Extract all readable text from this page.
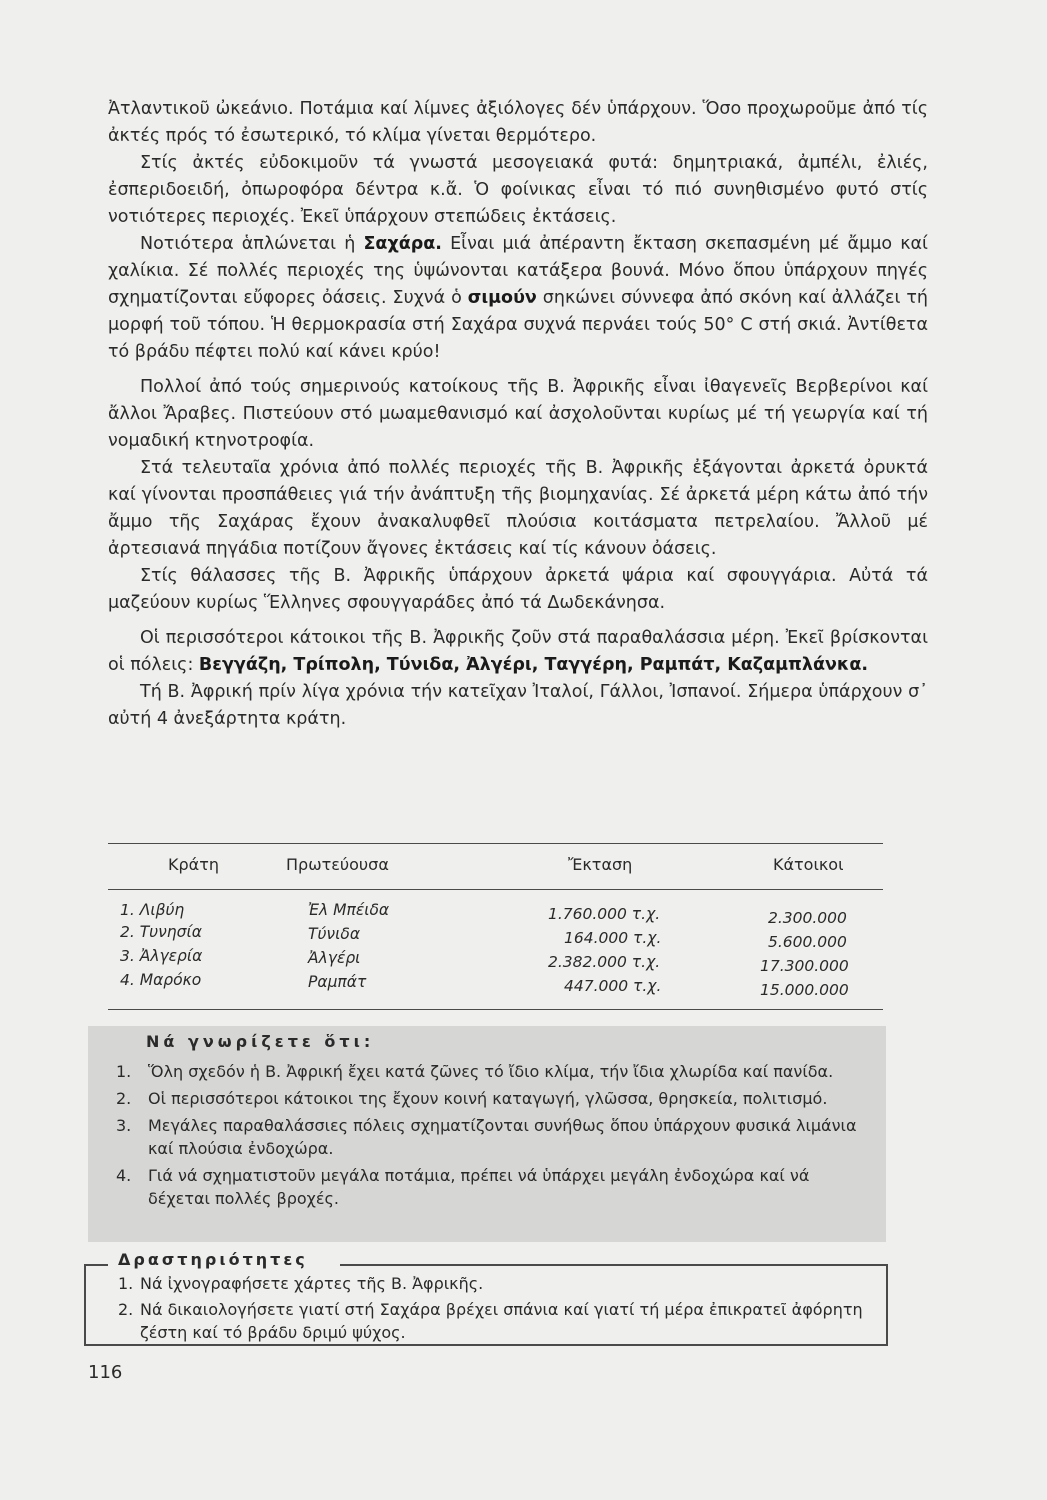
Ἀτλαντικοῦ ὠκεάνιο. Ποτάμια καί λίμνες ἀξιόλογες δέν ὑπάρχουν. Ὅσο προχωροῦμε ἀπό τίς ἀκτές πρός τό ἐσωτερικό, τό κλίμα γίνεται θερμότερο.

Στίς ἀκτές εὐδοκιμοῦν τά γνωστά μεσογειακά φυτά: δημητριακά, ἀμπέλι, ἐλιές, ἐσπεριδοειδή, ὀπωροφόρα δέντρα κ.ἄ. Ὁ φοίνικας εἶναι τό πιό συνηθισμένο φυτό στίς νοτιότερες περιοχές. Ἐκεῖ ὑπάρχουν στεπώδεις ἐκτάσεις.

Νοτιότερα ἁπλώνεται ἡ Σαχάρα. Εἶναι μιά ἀπέραντη ἔκταση σκεπασμένη μέ ἄμμο καί χαλίκια. Σέ πολλές περιοχές της ὑψώνονται κατάξερα βουνά. Μόνο ὅπου ὑπάρχουν πηγές σχηματίζονται εὔφορες ὀάσεις. Συχνά ὁ σιμούν σηκώνει σύννεφα ἀπό σκόνη καί ἀλλάζει τή μορφή τοῦ τόπου. Ἡ θερμοκρασία στή Σαχάρα συχνά περνάει τούς 50° C στή σκιά. Ἀντίθετα τό βράδυ πέφτει πολύ καί κάνει κρύο!

Πολλοί ἀπό τούς σημερινούς κατοίκους τῆς Β. Ἀφρικῆς εἶναι ἰθαγενεῖς Βερβερίνοι καί ἄλλοι Ἄραβες. Πιστεύουν στό μωαμεθανισμό καί ἀσχολοῦνται κυρίως μέ τή γεωργία καί τή νομαδική κτηνοτροφία.

Στά τελευταῖα χρόνια ἀπό πολλές περιοχές τῆς Β. Ἀφρικῆς ἐξάγονται ἀρκετά ὀρυκτά καί γίνονται προσπάθειες γιά τήν ἀνάπτυξη τῆς βιομηχανίας. Σέ ἀρκετά μέρη κάτω ἀπό τήν ἄμμο τῆς Σαχάρας ἔχουν ἀνακαλυφθεῖ πλούσια κοιτάσματα πετρελαίου. Ἄλλοῦ μέ ἀρτεσιανά πηγάδια ποτίζουν ἄγονες ἐκτάσεις καί τίς κάνουν ὀάσεις.

Στίς θάλασσες τῆς Β. Ἀφρικῆς ὑπάρχουν ἀρκετά ψάρια καί σφουγγάρια. Αὐτά τά μαζεύουν κυρίως Ἕλληνες σφουγγαράδες ἀπό τά Δωδεκάνησα.

Οἱ περισσότεροι κάτοικοι τῆς Β. Ἀφρικῆς ζοῦν στά παραθαλάσσια μέρη. Ἐκεῖ βρίσκονται οἱ πόλεις: Βεγγάζη, Τρίπολη, Τύνιδα, Ἀλγέρι, Ταγγέρη, Ραμπάτ, Καζαμπλάνκα.

Τή Β. Ἀφρική πρίν λίγα χρόνια τήν κατεῖχαν Ἰταλοί, Γάλλοι, Ἰσπανοί. Σήμερα ὑπάρχουν σ᾽ αὐτή 4 ἀνεξάρτητα κράτη.

Κράτη	Πρωτεύουσα	Ἔκταση	Κάτοικοι
1. Λιβύη	Ἐλ Μπέιδα	1.760.000 τ.χ.	2.300.000
2. Τυνησία	Τύνιδα	164.000 τ.χ.	5.600.000
3. Ἀλγερία	Ἀλγέρι	2.382.000 τ.χ.	17.300.000
4. Μαρόκο	Ραμπάτ	447.000 τ.χ.	15.000.000
Νά γνωρίζετε ὅτι:
1. Ὅλη σχεδόν ἡ Β. Ἀφρική ἔχει κατά ζῶνες τό ἴδιο κλίμα, τήν ἴδια χλωρίδα καί πανίδα.
2. Οἱ περισσότεροι κάτοικοι της ἔχουν κοινή καταγωγή, γλῶσσα, θρησκεία, πολιτισμό.
3. Μεγάλες παραθαλάσσιες πόλεις σχηματίζονται συνήθως ὅπου ὑπάρχουν φυσικά λιμάνια καί πλούσια ἐνδοχώρα.
4. Γιά νά σχηματιστοῦν μεγάλα ποτάμια, πρέπει νά ὑπάρχει μεγάλη ἐνδοχώρα καί νά δέχεται πολλές βροχές.
Δραστηριότητες
1. Νά ἰχνογραφήσετε χάρτες τῆς Β. Ἀφρικῆς.
2. Νά δικαιολογήσετε γιατί στή Σαχάρα βρέχει σπάνια καί γιατί τή μέρα ἐπικρατεῖ ἀφόρητη ζέστη καί τό βράδυ δριμύ ψύχος.
116
